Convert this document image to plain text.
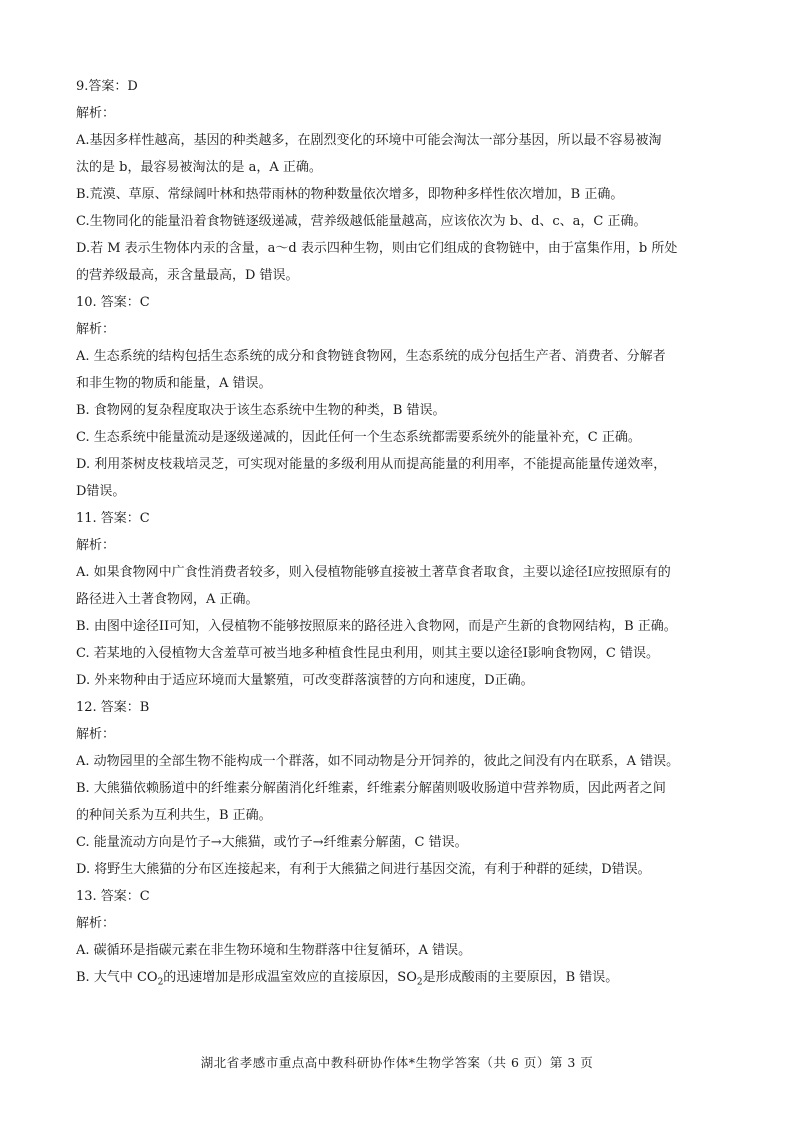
9.答案：D
解析：
A.基因多样性越高，基因的种类越多，在剧烈变化的环境中可能会淘汰一部分基因，所以最不容易被淘
汰的是 b，最容易被淘汰的是 a，A 正确。
B.荒漠、草原、常绿阔叶林和热带雨林的物种数量依次增多，即物种多样性依次增加，B 正确。
C.生物同化的能量沿着食物链逐级递减，营养级越低能量越高，应该依次为 b、d、c、a，C 正确。
D.若 M 表示生物体内汞的含量，a～d 表示四种生物，则由它们组成的食物链中，由于富集作用，b 所处
的营养级最高，汞含量最高，D 错误。
10. 答案：C
解析：
A. 生态系统的结构包括生态系统的成分和食物链食物网，生态系统的成分包括生产者、消费者、分解者
和非生物的物质和能量，A 错误。
B. 食物网的复杂程度取决于该生态系统中生物的种类，B 错误。
C. 生态系统中能量流动是逐级递减的，因此任何一个生态系统都需要系统外的能量补充，C 正确。
D. 利用茶树皮枝栽培灵芝，可实现对能量的多级利用从而提高能量的利用率，不能提高能量传递效率，
D错误。
11. 答案：C
解析：
A. 如果食物网中广食性消费者较多，则入侵植物能够直接被土著草食者取食，主要以途径I应按照原有的
路径进入土著食物网，A 正确。
B. 由图中途径II可知，入侵植物不能够按照原来的路径进入食物网，而是产生新的食物网结构，B 正确。
C. 若某地的入侵植物大含羞草可被当地多种植食性昆虫利用，则其主要以途径Ⅰ影响食物网，C 错误。
D. 外来物种由于适应环境而大量繁殖，可改变群落演替的方向和速度，D正确。
12. 答案：B
解析：
A. 动物园里的全部生物不能构成一个群落，如不同动物是分开饲养的，彼此之间没有内在联系，A 错误。
B. 大熊猫依赖肠道中的纤维素分解菌消化纤维素，纤维素分解菌则吸收肠道中营养物质，因此两者之间
的种间关系为互利共生，B 正确。
C. 能量流动方向是竹子→大熊猫，或竹子→纤维素分解菌，C 错误。
D. 将野生大熊猫的分布区连接起来，有利于大熊猫之间进行基因交流，有利于种群的延续，D错误。
13. 答案：C
解析：
A. 碳循环是指碳元素在非生物环境和生物群落中往复循环，A 错误。
B. 大气中 $CO_2$的迅速增加是形成温室效应的直接原因，$SO_2$是形成酸雨的主要原因，B 错误。
湖北省孝感市重点高中教科研协作体*生物学答案（共 6 页）第 3 页
